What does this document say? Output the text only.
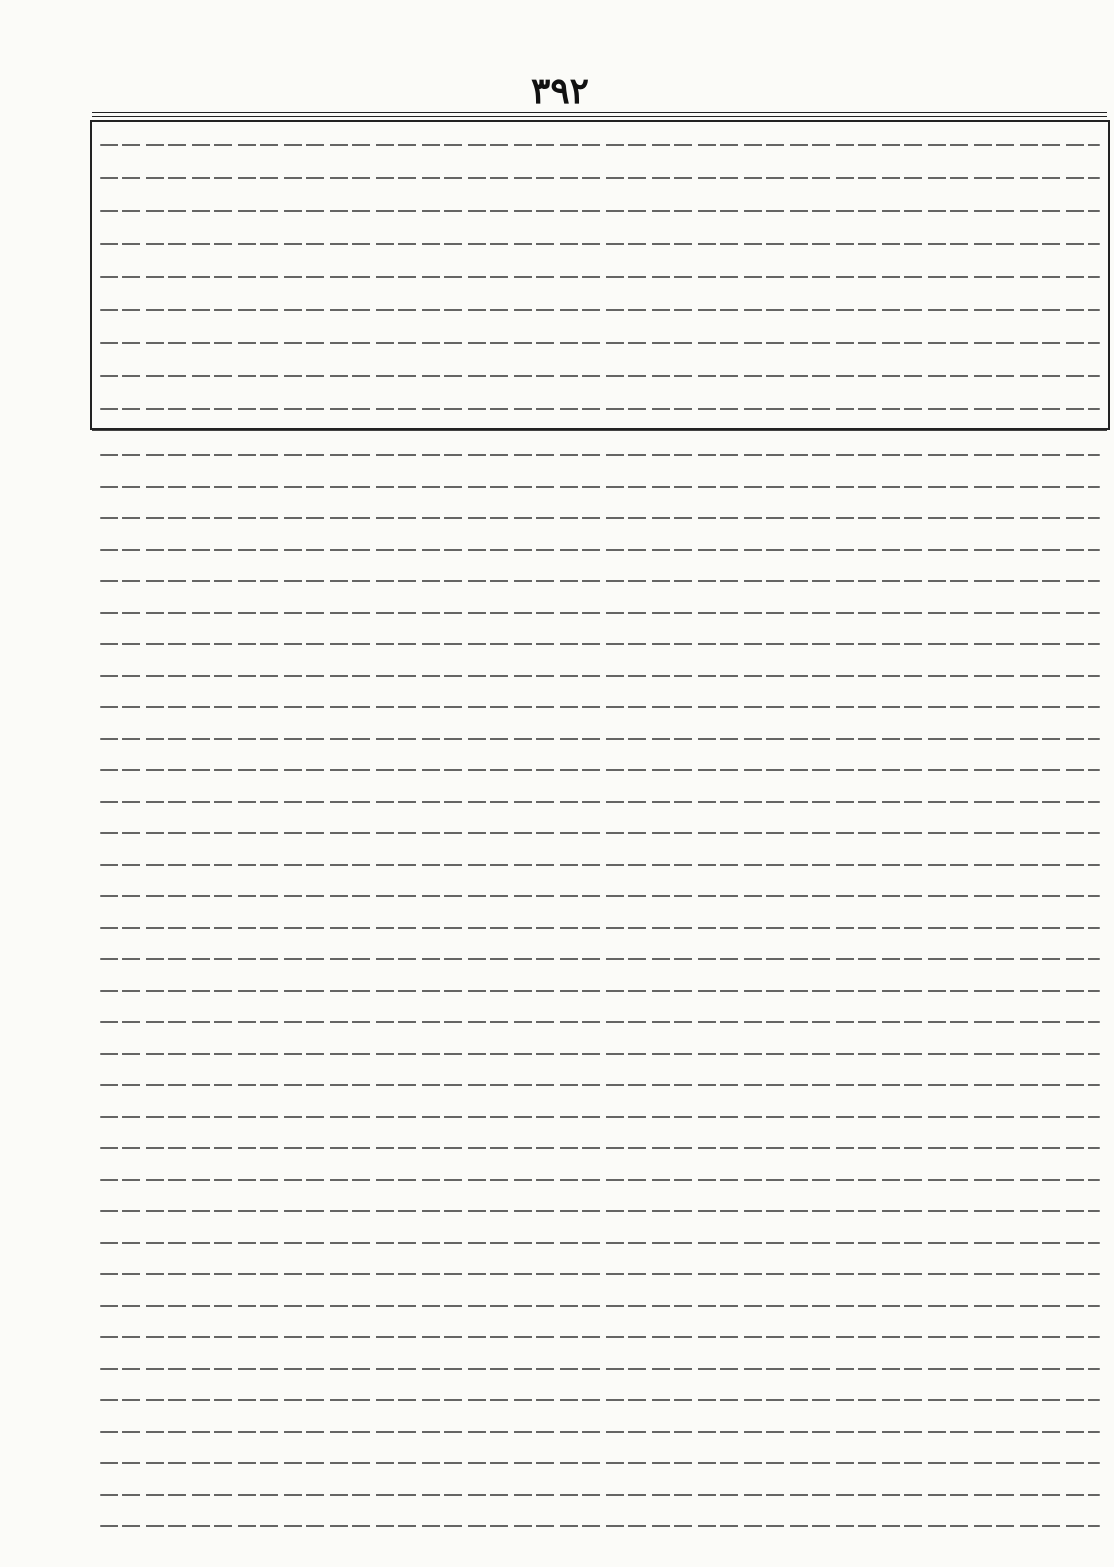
٣٩٢
